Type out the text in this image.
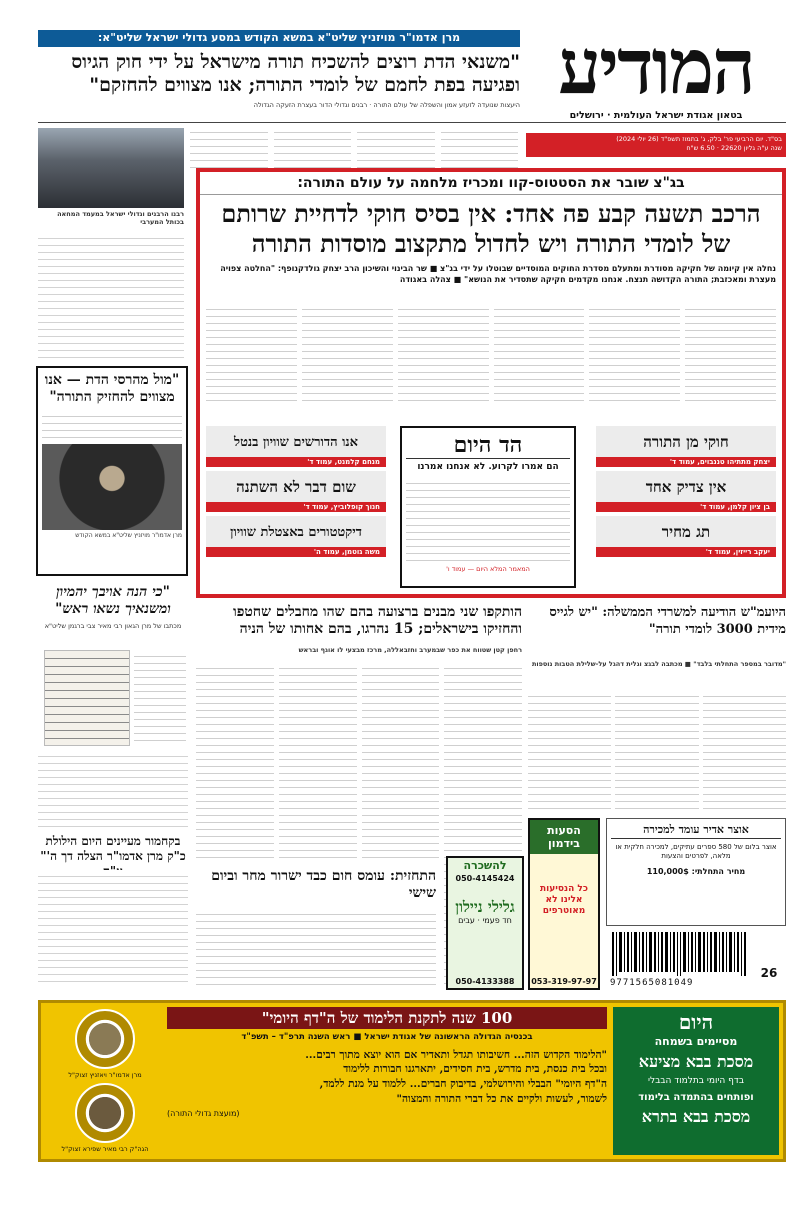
המודיע
בטאון אגודת ישראל העולמית · ירושלים
בס"ד. יום הרביעי פר' בלק, ג' בתמוז תשפ"ד (26 יולי 2024)
שנה ע"ה גליון 22620 · 6.50 ש"ח
מרן אדמו"ר מויזניץ שליט"א במשא הקודש במסע גדולי ישראל שליט"א:
"משנאי הדת רוצים להשכיח תורה מישראל על ידי חוק הגיוס
ופגיעה בפת לחמם של לומדי התורה; אנו מצווים להחזקם"
היעצות שנועדה לזעזע אמון והשפלה של עולם התורה · רבנים וגדולי הדור בעצרת הזעקה הגדולה
רבנו הרבנים וגדולי ישראל במעמד המחאה בכותל המערבי
"מול מהרסי הדת — אנו מצווים להחזיק התורה"
מרן אדמו"ר מויזניץ שליט"א במשא הקודש
"כי הנה אויבך יהמיון ומשנאיך נשאו ראש"
מכתבו של מרן הגאון רבי מאיר צבי ברגמן שליט"א
בקחמור מעיינים היום הילולת כ"ק מרן אדמו"ר הצלה דך ה'"
בג"צ שובר את הסטטוס-קוו ומכריז מלחמה על עולם התורה:
הרכב תשעה קבע פה אחד: אין בסיס חוקי לדחיית שרותם
של לומדי התורה ויש לחדול מתקצוב מוסדות התורה
נחלה אין קיומה של חקיקה מסודרת ומתעלם מסדרת החוקים המוסדיים שבוטלו על ידי בג"צ ■ שר הבינוי והשיכון הרב יצחק גולדקנופף: "החלטה צפויה מעצרת ומאכזבת; התורה הקדושה תנצח. אנחנו מקדמים חקיקה שתסדיר את הנושא" ■ צהלה באגודה
חוקי מן התורה
יצחק מתתיהו טננבוים, עמוד ד'
אין צדיק אחד
בן ציון קלמן, עמוד ד'
תג מחיר
יעקב רייזין, עמוד ד'
אנו הדורשים שוויון בנטל
מנחם קלמנט, עמוד ד'
שום דבר לא השתנה
חנוך קופלוביץ, עמוד ד'
דיקטטורים באצטלת שוויון
משה גוטמן, עמוד ה'
הד היום
הם אמרו לקרוע. לא אנחנו אמרנו
המאמר המלא היום — עמוד ו'
הותקפו שני מבנים ברצועה בהם שהו מחבלים שחטפו והחזיקו בישראלים; 15 נהרגו, בהם אחותו של הניה
רחפן קטן שטווח את כפר שבמערב וחזבאללה, מרכז מבצעי לו אוגף ובראש
היועמ"ש הודיעה למשרדי הממשלה: "יש לגייס מידית 3000 לומדי תורה"
"מדובר במספר התחלתי בלבד" ■ מכתבה לבגצ וגלית דהגל על-שלילת הטבות נוספות
התחזית: עומס חום כבד ישרור מחר וביום שישי
הסעות בידמון
כל הנסיעות אלינו לא מאוטרפים
053-319-97-97
להשכרה
050-4145424
גלילי ניילון
חד פעמי · עבים
050-4133388
אוצר אדיר עומד למכירה
אוצר בלום של 580 ספרים עתיקים, למכירה חלקית או מלאה, לפרטים והצעות
מחיר התחלתי: 110,000$
9771565081049
26
היום
מסיימים בשמחה
מסכת בבא מציעא
בדף היומי בתלמוד הבבלי
ופותחים בהתמדה בלימוד
מסכת בבא בתרא
100 שנה לתקנת הלימוד של ה"דף היומי"
בכנסיה הגדולה הראשונה של אגודת ישראל ■ ראש השנה תרפ"ד – תשפ"ד
"הלימוד הקדוש הזה... חשיבותו תגדל ותאדיר אם הוא יוצא מתוך רבים...
ובכל בית כנסת, בית מדרש, בית חסידים, יתארגנו חבורות ללימוד
ה"דף היומי" הבבלי והירושלמי, בדיבוק חברים... ללמוד על מנת ללמד,
לשמור, לעשות ולקיים את כל דברי התורה והמצוה"
(מועצת גדולי התורה)
מרן אדמו"ר ויאזניץ זצוק"ל
הגה"ק רבי מאיר שפירא זצוק"ל
